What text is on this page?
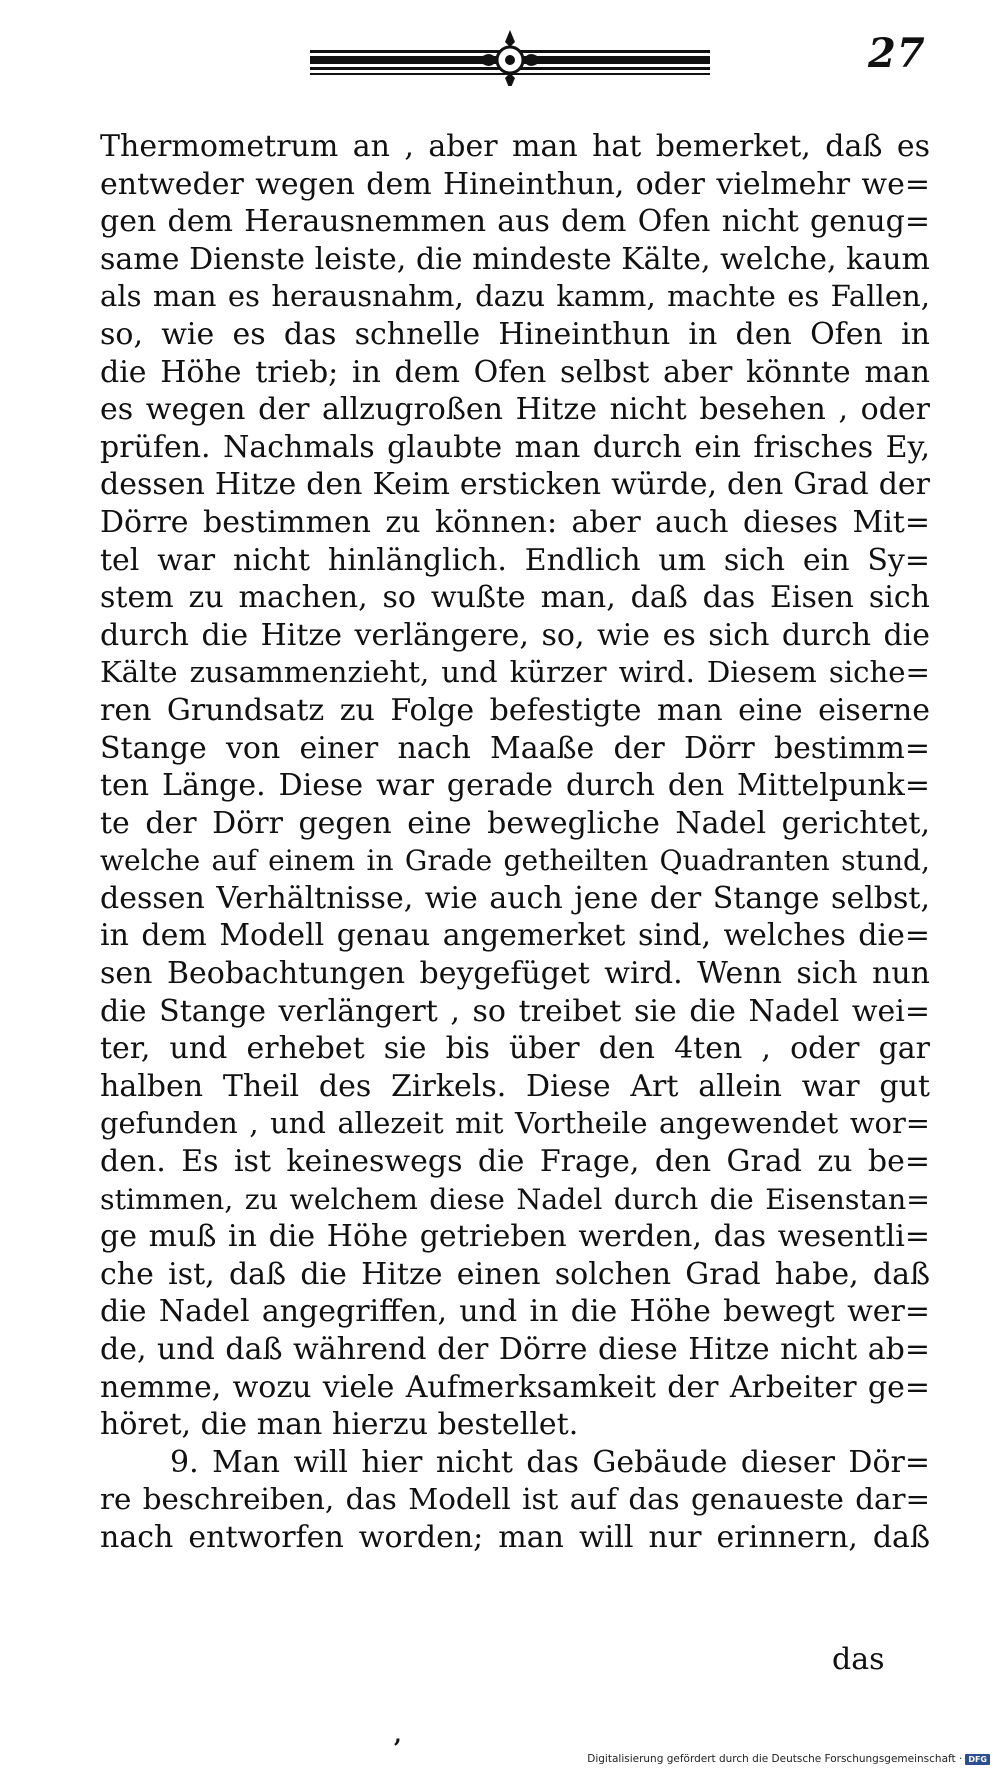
27
Thermometrum an , aber man hat bemerket, daß es
entweder wegen dem Hineinthun, oder vielmehr we=
gen dem Herausnemmen aus dem Ofen nicht genug=
same Dienste leiste, die mindeste Kälte, welche, kaum
als man es herausnahm, dazu kamm, machte es Fallen,
so, wie es das schnelle Hineinthun in den Ofen in
die Höhe trieb; in dem Ofen selbst aber könnte man
es wegen der allzugroßen Hitze nicht besehen , oder
prüfen. Nachmals glaubte man durch ein frisches Ey,
dessen Hitze den Keim ersticken würde, den Grad der
Dörre bestimmen zu können: aber auch dieses Mit=
tel war nicht hinlänglich. Endlich um sich ein Sy=
stem zu machen, so wußte man, daß das Eisen sich
durch die Hitze verlängere, so, wie es sich durch die
Kälte zusammenzieht, und kürzer wird. Diesem sichе=
ren Grundsatz zu Folge befestigte man eine eiserne
Stange von einer nach Maaße der Dörr bestimm=
ten Länge. Diese war gerade durch den Mittelpunk=
te der Dörr gegen eine bewegliche Nadel gerichtet,
welche auf einem in Grade getheilten Quadranten stund,
dessen Verhältnisse, wie auch jene der Stange selbst,
in dem Modell genau angemerket sind, welches die=
sen Beobachtungen beygefüget wird. Wenn sich nun
die Stange verlängert , so treibet sie die Nadel wei=
ter, und erhebet sie bis über den 4ten , oder gar
halben Theil des Zirkels. Diese Art allein war gut
gefunden , und allezeit mit Vortheile angewendet wor=
den. Es ist keineswegs die Frage, den Grad zu be=
stimmen, zu welchem diese Nadel durch die Eisenstan=
ge muß in die Höhe getrieben werden, das wesentli=
che ist, daß die Hitze einen solchen Grad habe, daß
die Nadel angegriffen, und in die Höhe bewegt wer=
de, und daß während der Dörre diese Hitze nicht ab=
nemme, wozu viele Aufmerksamkeit der Arbeiter ge=
höret, die man hierzu bestellet.
9. Man will hier nicht das Gebäude dieser Dör=
re beschreiben, das Modell ist auf das genaueste dar=
nach entworfen worden; man will nur erinnern, daß
das
,
Digitalisierung gefördert durch die Deutsche Forschungsgemeinschaft · DFG
